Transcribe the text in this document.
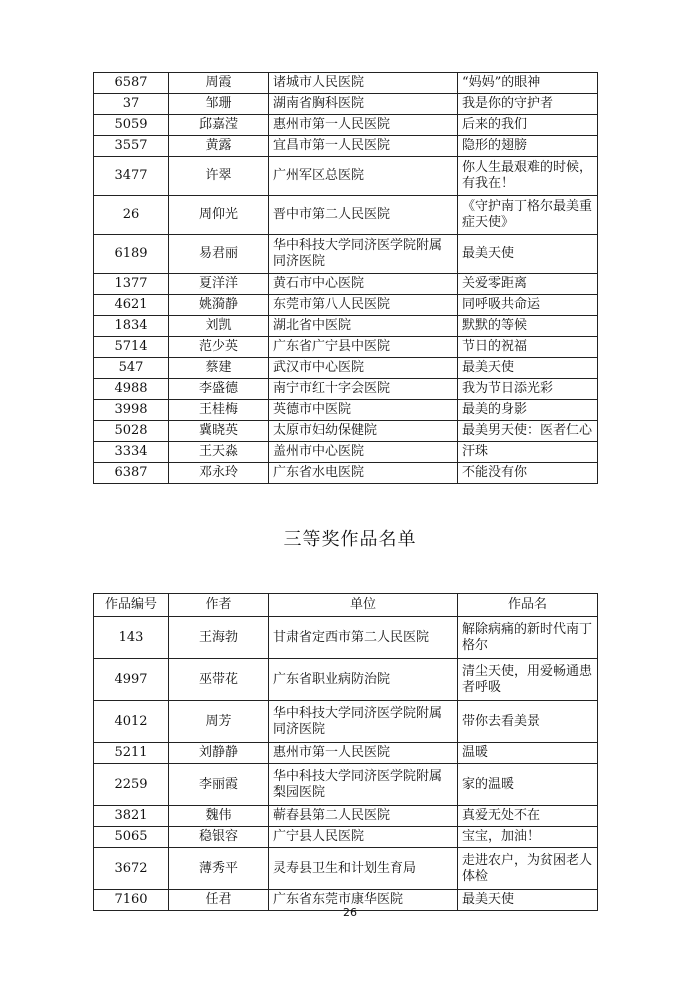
6587	周霞	诸城市人民医院	“妈妈”的眼神
37	邹珊	湖南省胸科医院	我是你的守护者
5059	邱嘉滢	惠州市第一人民医院	后来的我们
3557	黄露	宜昌市第一人民医院	隐形的翅膀
3477	许翠	广州军区总医院	你人生最艰难的时候，有我在！
26	周仰光	晋中市第二人民医院	《守护南丁格尔最美重症天使》
6189	易君丽	华中科技大学同济医学院附属同济医院	最美天使
1377	夏洋洋	黄石市中心医院	关爱零距离
4621	姚漪静	东莞市第八人民医院	同呼吸共命运
1834	刘凯	湖北省中医院	默默的等候
5714	范少英	广东省广宁县中医院	节日的祝福
547	蔡建	武汉市中心医院	最美天使
4988	李盛德	南宁市红十字会医院	我为节日添光彩
3998	王桂梅	英德市中医院	最美的身影
5028	冀晓英	太原市妇幼保健院	最美男天使：医者仁心
3334	王天淼	盖州市中心医院	汗珠
6387	邓永玲	广东省水电医院	不能没有你
三等奖作品名单
作品编号	作者	单位	作品名
143	王海勃	甘肃省定西市第二人民医院	解除病痛的新时代南丁格尔
4997	巫带花	广东省职业病防治院	清尘天使，用爱畅通患者呼吸
4012	周芳	华中科技大学同济医学院附属同济医院	带你去看美景
5211	刘静静	惠州市第一人民医院	温暖
2259	李丽霞	华中科技大学同济医学院附属梨园医院	家的温暖
3821	魏伟	蕲春县第二人民医院	真爱无处不在
5065	稳银容	广宁县人民医院	宝宝，加油！
3672	薄秀平	灵寿县卫生和计划生育局	走进农户，为贫困老人体检
7160	任君	广东省东莞市康华医院	最美天使
26
